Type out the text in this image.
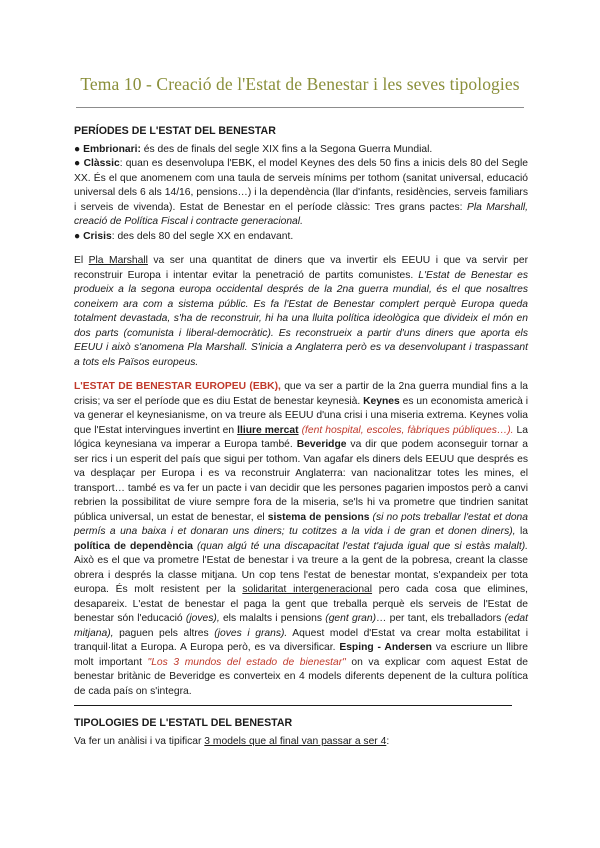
Tema 10 - Creació de l'Estat de Benestar i les seves tipologies
PERÍODES DE L'ESTAT DEL BENESTAR

● Embrionari: és des de finals del segle XIX fins a la Segona Guerra Mundial.

● Clàssic: quan es desenvolupa l'EBK, el model Keynes des dels 50 fins a inicis dels 80 del Segle XX. És el que anomenem com una taula de serveis mínims per tothom (sanitat universal, educació universal dels 6 als 14/16, pensions…) i la dependència (llar d'infants, residències, serveis familiars i serveis de vivenda). Estat de Benestar en el període clàssic: Tres grans pactes: Pla Marshall, creació de Política Fiscal i contracte generacional.

● Crisis: des dels 80 del segle XX en endavant.

El Pla Marshall va ser una quantitat de diners que va invertir els EEUU i que va servir per reconstruir Europa i intentar evitar la penetració de partits comunistes. L'Estat de Benestar es produeix a la segona europa occidental després de la 2na guerra mundial, és el que nosaltres coneixem ara com a sistema públic. Es fa l'Estat de Benestar complert perquè Europa queda totalment devastada, s'ha de reconstruir, hi ha una lluita política ideològica que divideix el món en dos parts (comunista i liberal-democràtic). Es reconstrueix a partir d'uns diners que aporta els EEUU i això s'anomena Pla Marshall. S'inicia a Anglaterra però es va desenvolupant i traspassant a tots els Països europeus.

L'ESTAT DE BENESTAR EUROPEU (EBK), que va ser a partir de la 2na guerra mundial fins a la crisis; va ser el període que es diu Estat de benestar keynesià. Keynes es un economista americà i va generar el keynesianisme, on va treure als EEUU d'una crisi i una miseria extrema. Keynes volia que l'Estat intervingues invertint en lliure mercat (fent hospital, escoles, fàbriques públiques…). La lógica keynesiana va imperar a Europa també. Beveridge va dir que podem aconseguir tornar a ser rics i un esperit del país que sigui per tothom. Van agafar els diners dels EEUU que després es va desplaçar per Europa i es va reconstruir Anglaterra: van nacionalitzar totes les mines, el transport… també es va fer un pacte i van decidir que les persones pagarien impostos però a canvi rebrien la possibilitat de viure sempre fora de la miseria, se'ls hi va prometre que tindrien sanitat pública universal, un estat de benestar, el sistema de pensions (si no pots treballar l'estat et dona permís a una baixa i et donaran uns diners; tu cotitzes a la vida i de gran et donen diners), la política de dependència (quan algú té una discapacitat l'estat t'ajuda igual que si estàs malalt). Això es el que va prometre l'Estat de benestar i va treure a la gent de la pobresa, creant la classe obrera i després la classe mitjana. Un cop tens l'estat de benestar montat, s'expandeix per tota europa. És molt resistent per la solidaritat intergeneracional pero cada cosa que elimines, desapareix. L'estat de benestar el paga la gent que treballa perquè els serveis de l'Estat de benestar són l'educació (joves), els malalts i pensions (gent gran)… per tant, els treballadors (edat mitjana), paguen pels altres (joves i grans). Aquest model d'Estat va crear molta estabilitat i tranquil·litat a Europa. A Europa però, es va diversificar. Esping - Andersen va escriure un llibre molt important "Los 3 mundos del estado de bienestar" on va explicar com aquest Estat de benestar britànic de Beveridge es converteix en 4 models diferents depenent de la cultura política de cada país on s'integra.

TIPOLOGIES DE L'ESTATL DEL BENESTAR

Va fer un anàlisi i va tipificar 3 models que al final van passar a ser 4:
